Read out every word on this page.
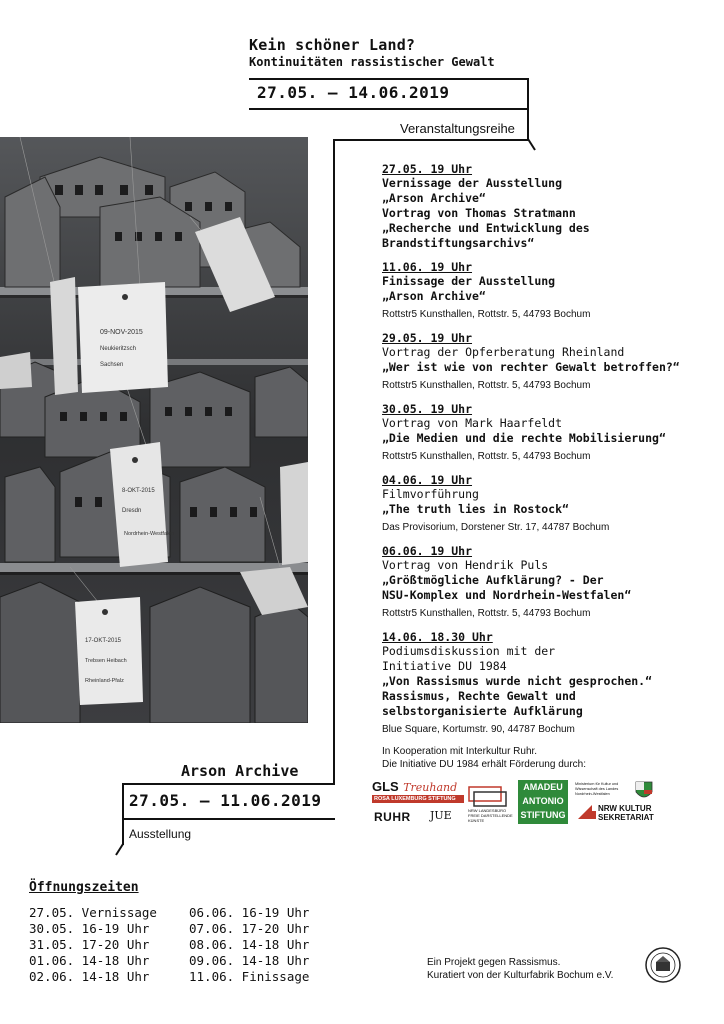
Kein schöner Land?
Kontinuitäten rassistischer Gewalt
27.05. – 14.06.2019
Veranstaltungsreihe
09-NOV-2015
Neukieritzsch
Sachsen
8-OKT-2015
Dresdn
Nordrhein-Westfalen
17-OKT-2015
Trebsen Heibach
Rheinland-Pfalz
27.05. 19 Uhr
Vernissage der Ausstellung
„Arson Archive“
Vortrag von Thomas Stratmann
„Recherche und Entwicklung des
Brandstiftungsarchivs“
11.06. 19 Uhr
Finissage der Ausstellung
„Arson Archive“
Rottstr5 Kunsthallen, Rottstr. 5, 44793 Bochum
29.05. 19 Uhr
Vortrag der Opferberatung Rheinland
„Wer ist wie von rechter Gewalt betroffen?“
Rottstr5 Kunsthallen, Rottstr. 5, 44793 Bochum
30.05. 19 Uhr
Vortrag von Mark Haarfeldt
„Die Medien und die rechte Mobilisierung“
Rottstr5 Kunsthallen, Rottstr. 5, 44793 Bochum
04.06. 19 Uhr
Filmvorführung
„The truth lies in Rostock“
Das Provisorium, Dorstener Str. 17, 44787 Bochum
06.06. 19 Uhr
Vortrag von Hendrik Puls
„Größtmögliche Aufklärung? - Der
NSU-Komplex und Nordrhein-Westfalen“
Rottstr5 Kunsthallen, Rottstr. 5, 44793 Bochum
14.06. 18.30 Uhr
Podiumsdiskussion mit der
Initiative DU 1984
„Von Rassismus wurde nicht gesprochen.“
Rassismus, Rechte Gewalt und
selbstorganisierte Aufklärung
Blue Square, Kortumstr. 90, 44787 Bochum
In Kooperation mit Interkultur Ruhr.
Die Initiative DU 1984 erhält Förderung durch:
GLS Treuhand
ROSA LUXEMBURG STIFTUNG
RUHR JUE	NRW LANDESBÜRO FREIE DARSTELLENDE KÜNSTE
AMADEU
ANTONIO
STIFTUNG
Ministerium für Kultur und Wissenschaft des Landes Nordrhein-Westfalen
NRW KULTUR
SEKRETARIAT
Arson Archive
27.05. – 11.06.2019
Ausstellung
Öffnungszeiten
27.05. Vernissage	06.06. 16-19 Uhr
30.05. 16-19 Uhr	07.06. 17-20 Uhr
31.05. 17-20 Uhr	08.06. 14-18 Uhr
01.06. 14-18 Uhr	09.06. 14-18 Uhr
02.06. 14-18 Uhr	11.06. Finissage
Ein Projekt gegen Rassismus.
Kuratiert von der Kulturfabrik Bochum e.V.
